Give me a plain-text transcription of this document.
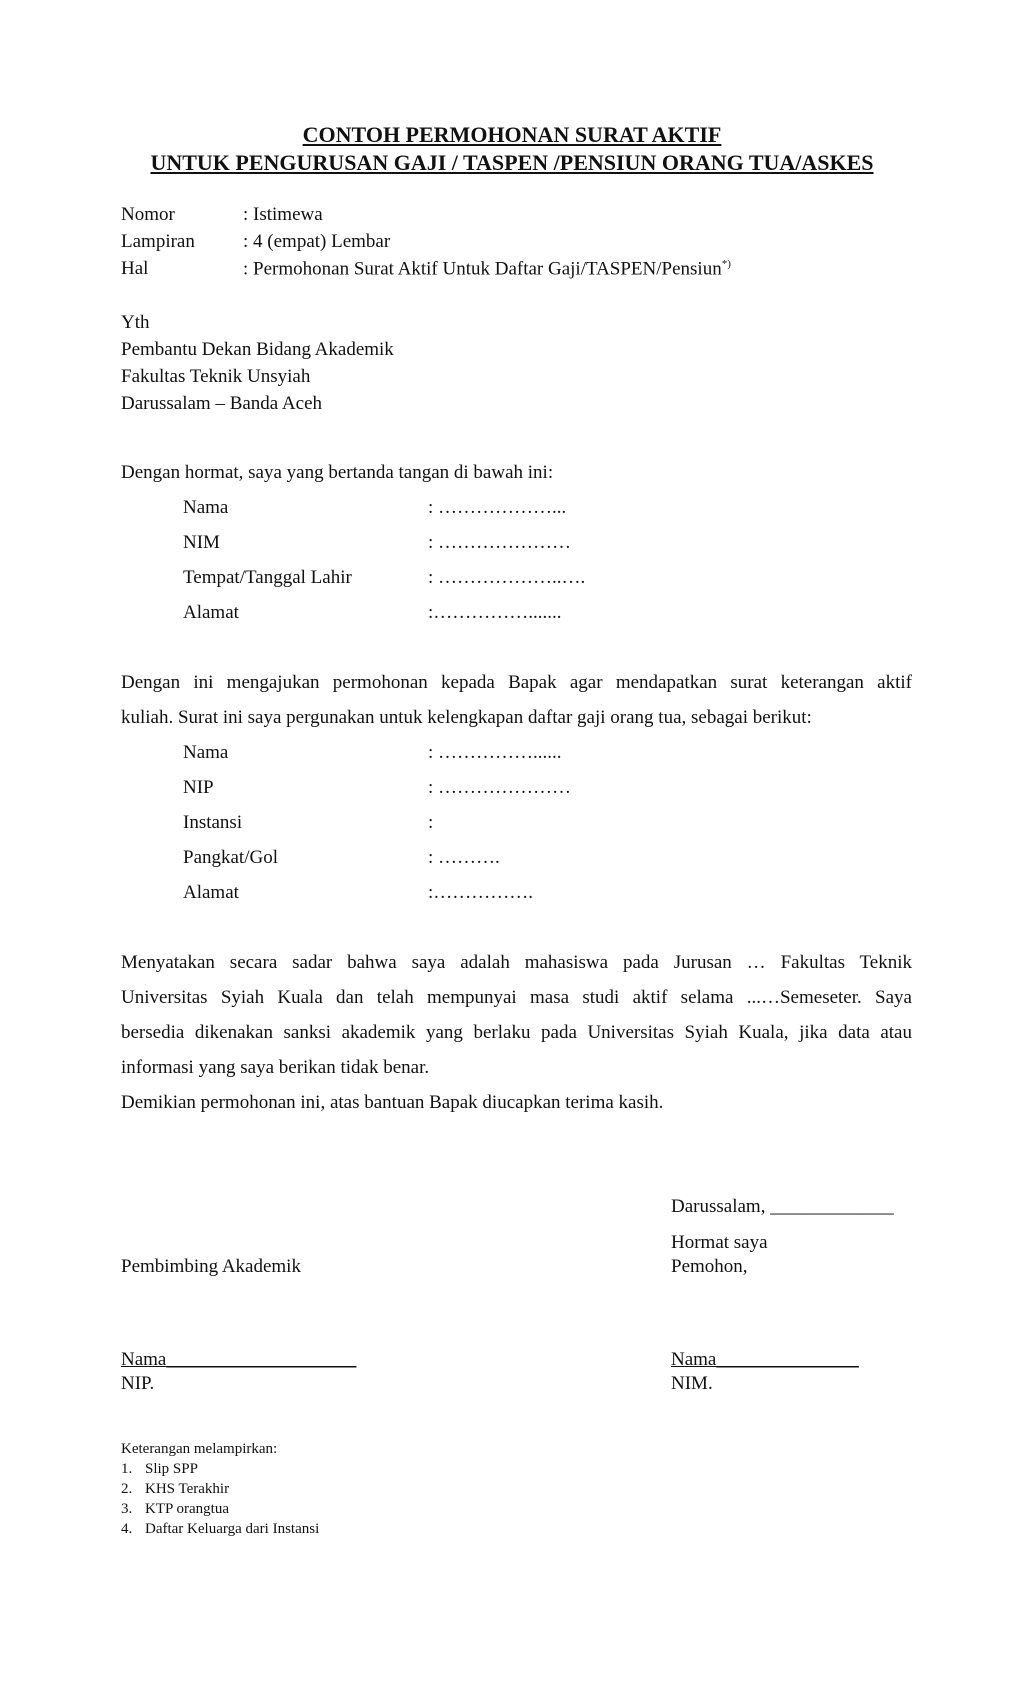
CONTOH PERMOHONAN SURAT AKTIF
UNTUK PENGURUSAN GAJI / TASPEN /PENSIUN ORANG TUA/ASKES
Nomor	: Istimewa
Lampiran	: 4 (empat) Lembar
Hal	: Permohonan Surat Aktif Untuk Daftar Gaji/TASPEN/Pensiun*)
Yth
Pembantu Dekan Bidang Akademik
Fakultas Teknik Unsyiah
Darussalam – Banda Aceh
Dengan hormat, saya yang bertanda tangan di bawah ini:
Nama	: ………………...
NIM	: …………………
Tempat/Tanggal Lahir	: ………………..….
Alamat	:…………….......
Dengan ini mengajukan permohonan kepada Bapak agar mendapatkan surat keterangan aktif
kuliah. Surat ini saya pergunakan untuk kelengkapan daftar gaji orang tua, sebagai berikut:
Nama	: ……………......
NIP	: …………………
Instansi	:
Pangkat/Gol	: ……….
Alamat	:…………….
Menyatakan secara sadar bahwa saya adalah mahasiswa pada Jurusan … Fakultas Teknik
Universitas Syiah Kuala dan telah mempunyai masa studi aktif selama ...…Semeseter. Saya
bersedia dikenakan sanksi akademik yang berlaku pada Universitas Syiah Kuala, jika data atau
informasi yang saya berikan tidak benar.
Demikian permohonan ini, atas bantuan Bapak diucapkan terima kasih.
Darussalam, _____________
Hormat saya
Pembimbing Akademik	Pemohon,
Nama____________________	Nama_______________
NIP.	NIM.
Keterangan melampirkan:
1. Slip SPP
2. KHS Terakhir
3. KTP orangtua
4. Daftar Keluarga dari Instansi
